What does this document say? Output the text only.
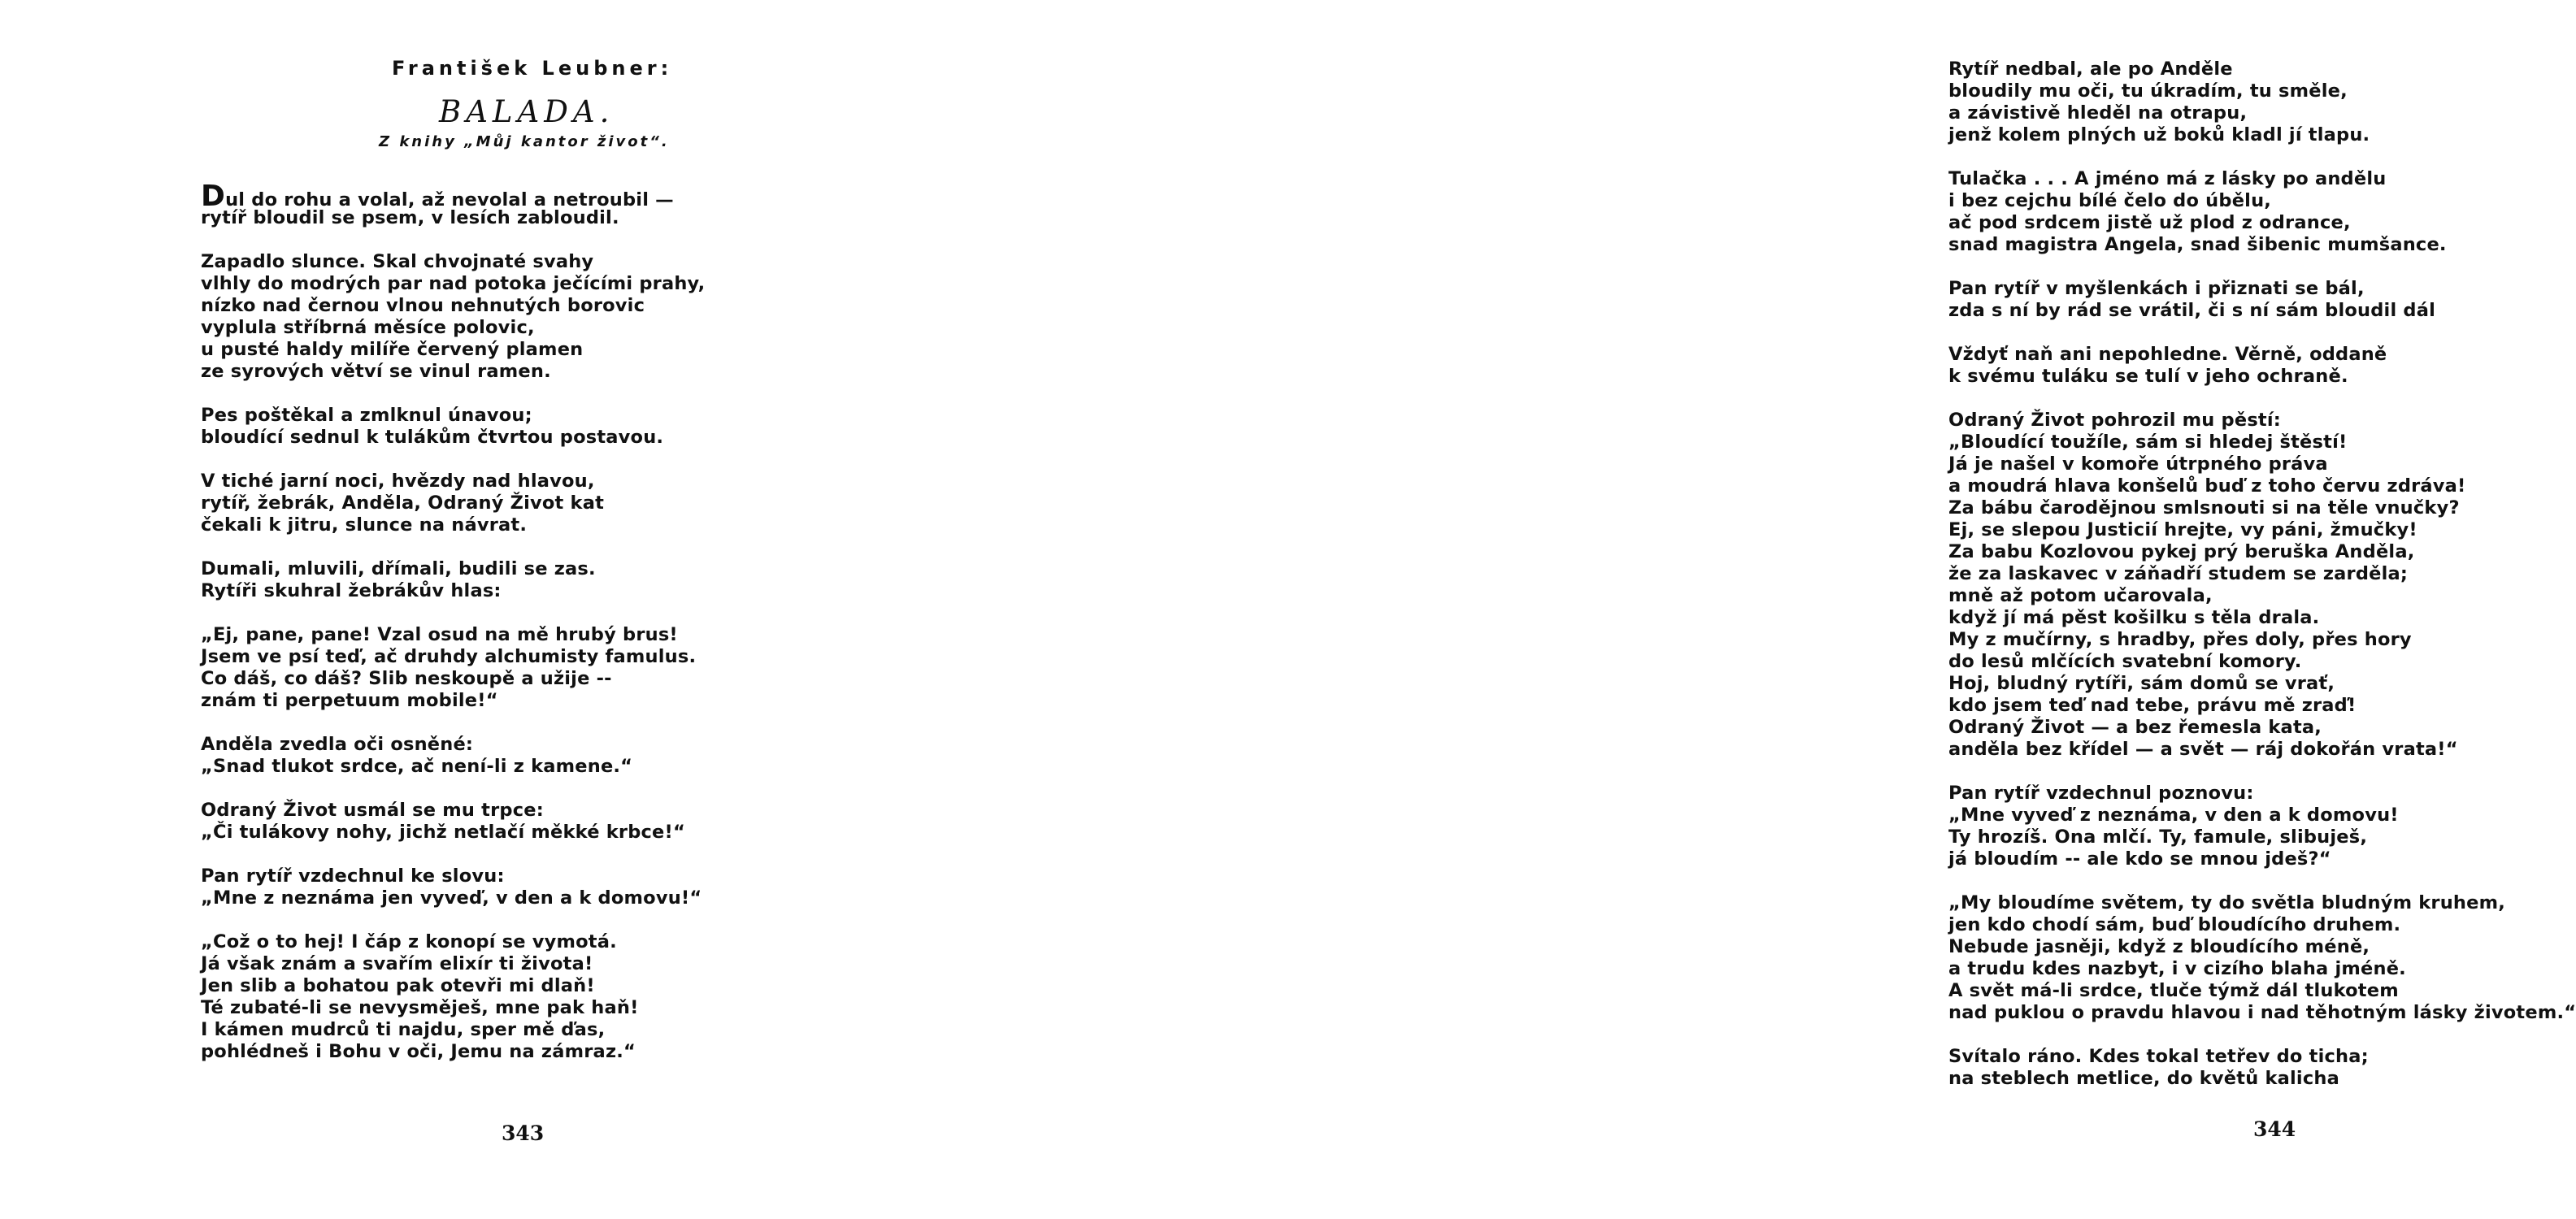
František Leubner:
BALADA.
Z knihy „Můj kantor život“.
Dul do rohu a volal, až nevolal a netroubil —
rytíř bloudil se psem, v lesích zabloudil.
Zapadlo slunce. Skal chvojnaté svahy
vlhly do modrých par nad potoka ječícími prahy,
nízko nad černou vlnou nehnutých borovic
vyplula stříbrná měsíce polovic,
u pusté haldy milíře červený plamen
ze syrových větví se vinul ramen.
Pes poštěkal a zmlknul únavou;
bloudící sednul k tulákům čtvrtou postavou.
V tiché jarní noci, hvězdy nad hlavou,
rytíř, žebrák, Anděla, Odraný Život kat
čekali k jitru, slunce na návrat.
Dumali, mluvili, dřímali, budili se zas.
Rytíři skuhral žebrákův hlas:
„Ej, pane, pane! Vzal osud na mě hrubý brus!
Jsem ve psí teď, ač druhdy alchumisty famulus.
Co dáš, co dáš? Slib neskoupě a užije --
znám ti perpetuum mobile!“
Anděla zvedla oči osněné:
„Snad tlukot srdce, ač není-li z kamene.“
Odraný Život usmál se mu trpce:
„Či tulákovy nohy, jichž netlačí měkké krbce!“
Pan rytíř vzdechnul ke slovu:
„Mne z neznáma jen vyveď, v den a k domovu!“
„Což o to hej! I čáp z konopí se vymotá.
Já však znám a svařím elixír ti života!
Jen slib a bohatou pak otevři mi dlaň!
Té zubaté-li se nevysměješ, mne pak haň!
I kámen mudrců ti najdu, sper mě ďas,
pohlédneš i Bohu v oči, Jemu na zámraz.“
343
Rytíř nedbal, ale po Anděle
bloudily mu oči, tu úkradím, tu směle,
a závistivě hleděl na otrapu,
jenž kolem plných už boků kladl jí tlapu.
Tulačka . . . A jméno má z lásky po andělu
i bez cejchu bílé čelo do úbělu,
ač pod srdcem jistě už plod z odrance,
snad magistra Angela, snad šibenic mumšance.
Pan rytíř v myšlenkách i přiznati se bál,
zda s ní by rád se vrátil, či s ní sám bloudil dál
Vždyť naň ani nepohledne. Věrně, oddaně
k svému tuláku se tulí v jeho ochraně.
Odraný Život pohrozil mu pěstí:
„Bloudící toužíle, sám si hledej štěstí!
Já je našel v komoře útrpného práva
a moudrá hlava konšelů buď z toho červu zdráva!
Za bábu čarodějnou smlsnouti si na těle vnučky?
Ej, se slepou Justicií hrejte, vy páni, žmučky!
Za babu Kozlovou pykej prý beruška Anděla,
že za laskavec v záňadří studem se zarděla;
mně až potom učarovala,
když jí má pěst košilku s těla drala.
My z mučírny, s hradby, přes doly, přes hory
do lesů mlčících svatební komory.
Hoj, bludný rytíři, sám domů se vrať,
kdo jsem teď nad tebe, právu mě zraď!
Odraný Život — a bez řemesla kata,
anděla bez křídel — a svět — ráj dokořán vrata!“
Pan rytíř vzdechnul poznovu:
„Mne vyveď z neznáma, v den a k domovu!
Ty hrozíš. Ona mlčí. Ty, famule, slibuješ,
já bloudím -- ale kdo se mnou jdeš?“
„My bloudíme světem, ty do světla bludným kruhem,
jen kdo chodí sám, buď bloudícího druhem.
Nebude jasněji, když z bloudícího méně,
a trudu kdes nazbyt, i v cizího blaha jméně.
A svět má-li srdce, tluče týmž dál tlukotem
nad puklou o pravdu hlavou i nad těhotným lásky životem.“
Svítalo ráno. Kdes tokal tetřev do ticha;
na steblech metlice, do květů kalicha
344
